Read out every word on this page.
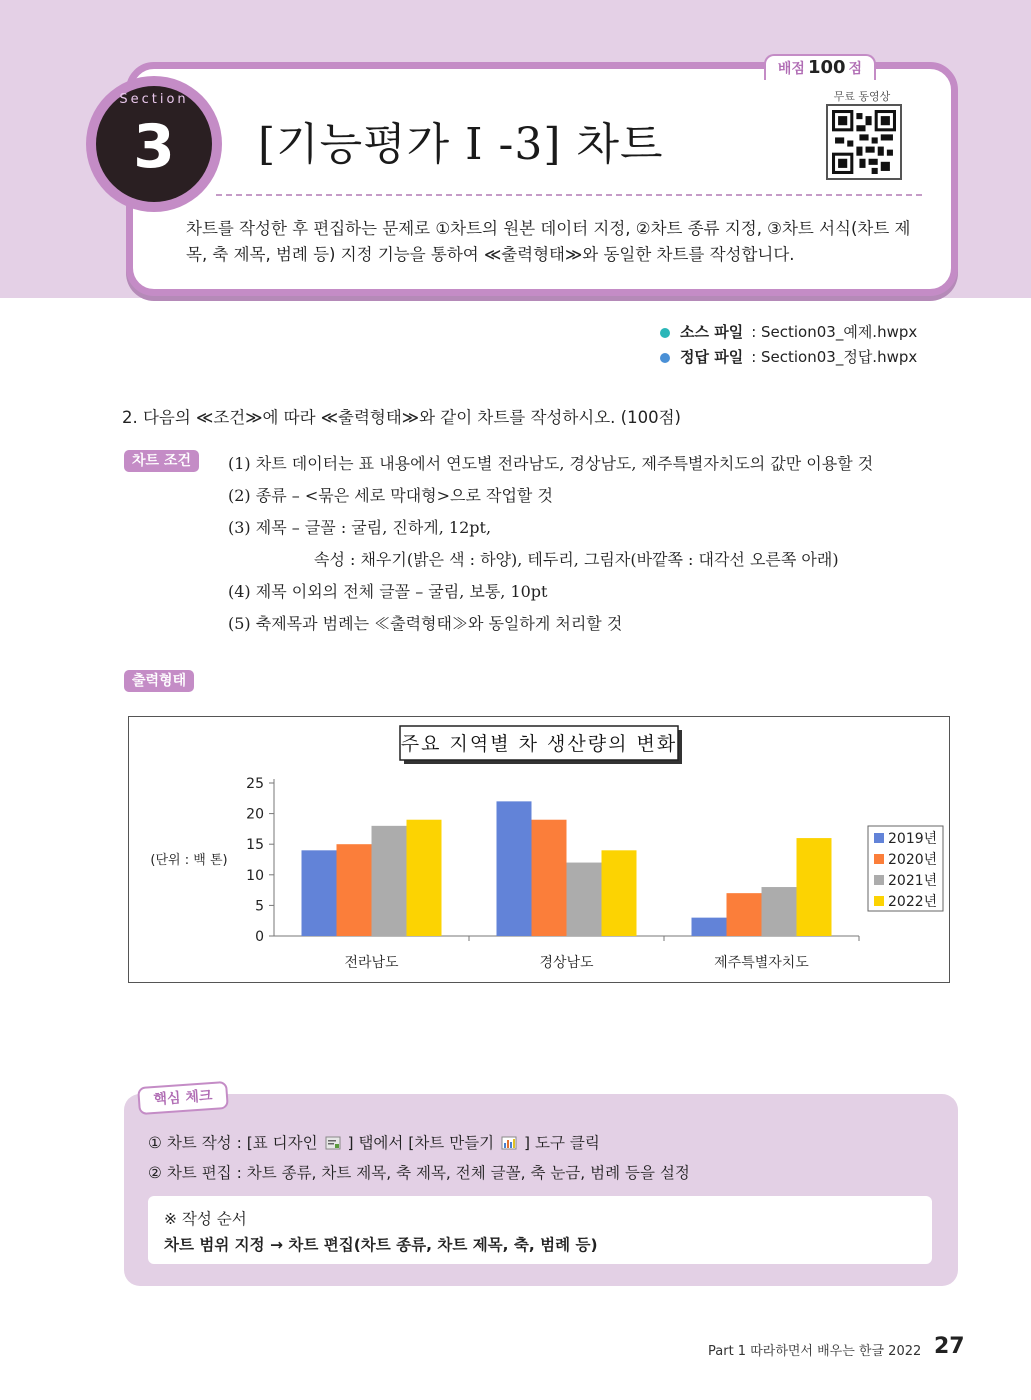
배점 100 점
Section
3	[기능평가 I -3] 차트
무료 동영상
차트를 작성한 후 편집하는 문제로 ①차트의 원본 데이터 지정, ②차트 종류 지정, ③차트 서식(차트 제목, 축 제목, 범례 등) 지정 기능을 통하여 ≪출력형태≫와 동일한 차트를 작성합니다.
소스 파일 : Section03_예제.hwpx
정답 파일 : Section03_정답.hwpx
2. 다음의 ≪조건≫에 따라 ≪출력형태≫와 같이 차트를 작성하시오. (100점)
차트 조건	(1) 차트 데이터는 표 내용에서 연도별 전라남도, 경상남도, 제주특별자치도의 값만 이용할 것
(2) 종류 – <묶은 세로 막대형>으로 작업할 것
(3) 제목 – 글꼴 : 굴림, 진하게, 12pt,
속성 : 채우기(밝은 색 : 하양), 테두리, 그림자(바깥쪽 : 대각선 오른쪽 아래)
(4) 제목 이외의 전체 글꼴 – 굴림, 보통, 10pt
(5) 축제목과 범례는 ≪출력형태≫와 동일하게 처리할 것
출력형태
주요 지역별 차 생산량의 변화
(단위 : 백 톤)
0
5
10
15
20
25
전라남도	경상남도	제주특별자치도
2019년
2020년
2021년
2022년
핵심 체크
① 차트 작성 : [표 디자인 ] 탭에서 [차트 만들기 ] 도구 클릭
② 차트 편집 : 차트 종류, 차트 제목, 축 제목, 전체 글꼴, 축 눈금, 범례 등을 설정
※ 작성 순서
차트 범위 지정 → 차트 편집(차트 종류, 차트 제목, 축, 범례 등)
Part 1 따라하면서 배우는 한글 2022 27
